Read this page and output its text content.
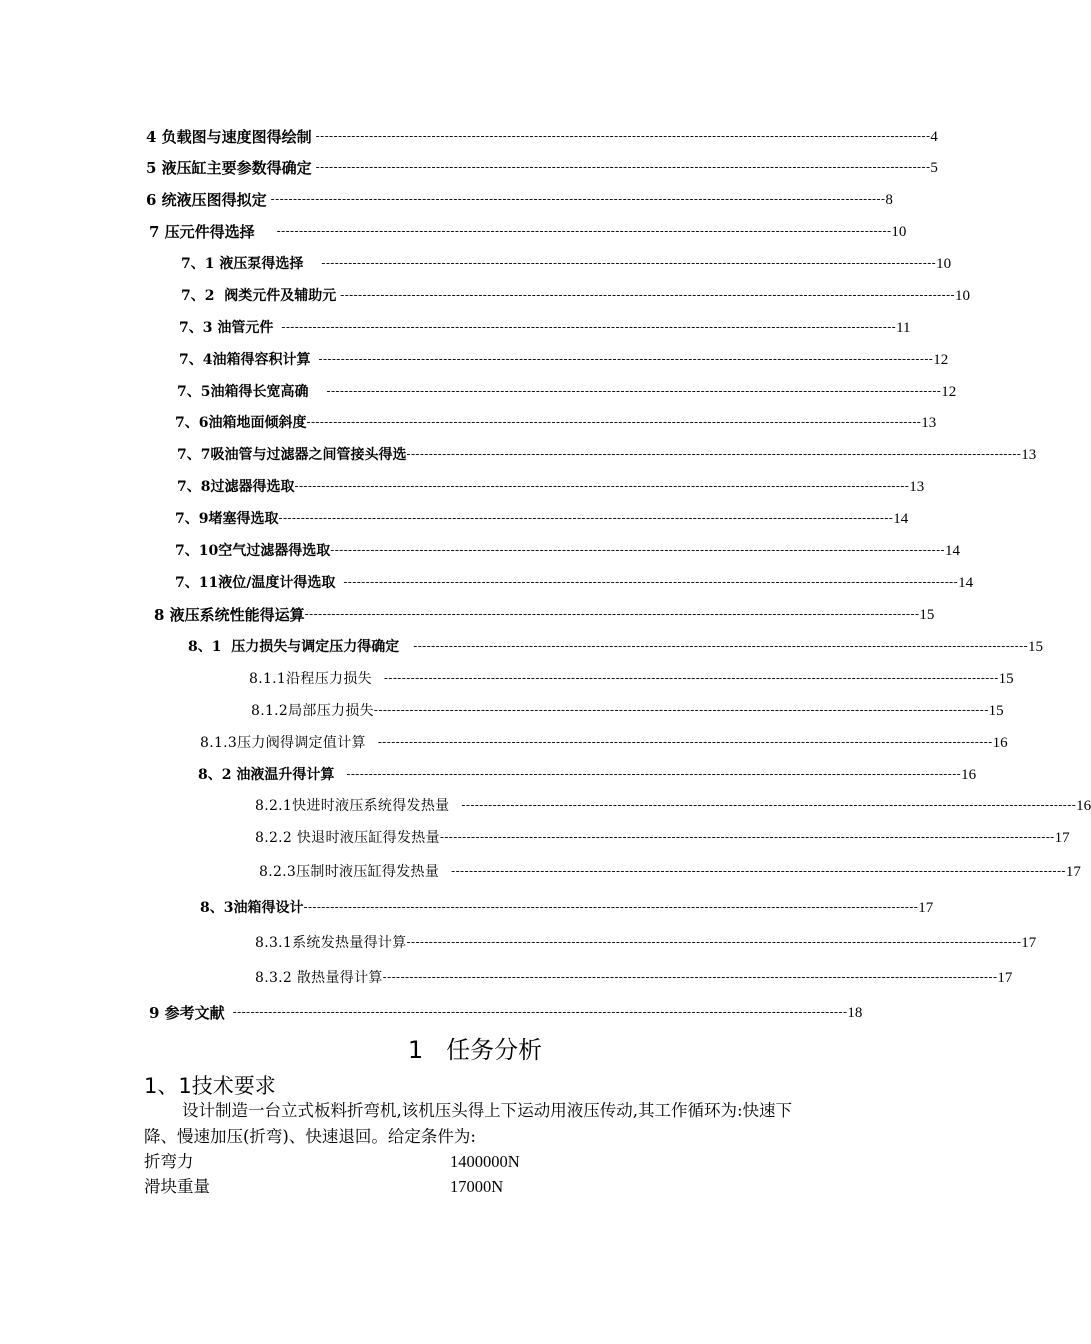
4 负载图与速度图得绘制 ------------------------------------------------------------------------------------------------------------------------------------------ 4
5 液压缸主要参数得确定 ------------------------------------------------------------------------------------------------------------------------------------------ 5
6 统液压图得拟定 ------------------------------------------------------------------------------------------------------------------------------------------ 8
7 压元件得选择	------------------------------------------------------------------------------------------------------------------------------------------ 10
7、1 液压泵得选择	------------------------------------------------------------------------------------------------------------------------------------------ 10
7、2  阀类元件及辅助元 ------------------------------------------------------------------------------------------------------------------------------------------ 10
7、3 油管元件 ------------------------------------------------------------------------------------------------------------------------------------------ 11
7、4油箱得容积计算 ------------------------------------------------------------------------------------------------------------------------------------------ 12
7、5油箱得长宽高确	------------------------------------------------------------------------------------------------------------------------------------------ 12
7、6油箱地面倾斜度 ------------------------------------------------------------------------------------------------------------------------------------------ 13
7、7吸油管与过滤器之间管接头得选 ------------------------------------------------------------------------------------------------------------------------------------------ 13
7、8过滤器得选取 ------------------------------------------------------------------------------------------------------------------------------------------ 13
7、9堵塞得选取 ------------------------------------------------------------------------------------------------------------------------------------------ 14
7、10空气过滤器得选取 ------------------------------------------------------------------------------------------------------------------------------------------ 14
7、11液位/温度计得选取 ------------------------------------------------------------------------------------------------------------------------------------------ 14
8 液压系统性能得运算 ------------------------------------------------------------------------------------------------------------------------------------------ 15
8、1  压力损失与调定压力得确定	------------------------------------------------------------------------------------------------------------------------------------------ 15
8.1.1沿程压力损失	------------------------------------------------------------------------------------------------------------------------------------------ 15
8.1.2局部压力损失 ------------------------------------------------------------------------------------------------------------------------------------------ 15
8.1.3压力阀得调定值计算	------------------------------------------------------------------------------------------------------------------------------------------ 16
8、2 油液温升得计算	------------------------------------------------------------------------------------------------------------------------------------------ 16
8.2.1快进时液压系统得发热量	------------------------------------------------------------------------------------------------------------------------------------------ 16
8.2.2 快退时液压缸得发热量 ------------------------------------------------------------------------------------------------------------------------------------------ 17
8.2.3压制时液压缸得发热量	------------------------------------------------------------------------------------------------------------------------------------------ 17
8、3油箱得设计 ------------------------------------------------------------------------------------------------------------------------------------------ 17
8.3.1系统发热量得计算 ------------------------------------------------------------------------------------------------------------------------------------------ 17
8.3.2 散热量得计算 ------------------------------------------------------------------------------------------------------------------------------------------ 17
9 参考文献 ------------------------------------------------------------------------------------------------------------------------------------------ 18
1   任务分析
1、1技术要求
设计制造一台立式板料折弯机,该机压头得上下运动用液压传动,其工作循环为:快速下降、慢速加压(折弯)、快速退回。给定条件为:
折弯力	1400000N
滑块重量	17000N
